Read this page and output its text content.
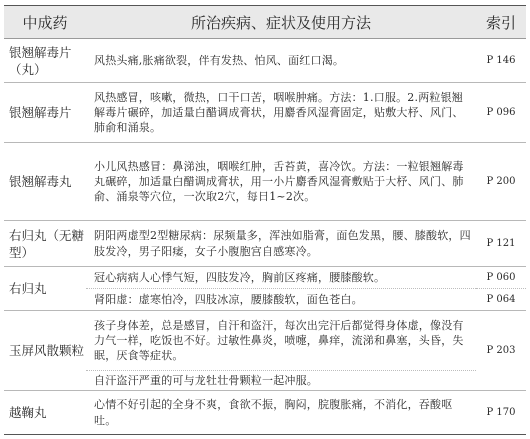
中成药	所治疾病、症状及使用方法	索引

银翘解毒片（丸）	风热头痛,胀痛欲裂，伴有发热、怕风、面红口渴。	P 146
银翘解毒片	风热感冒，咳嗽，微热，口干口苦，咽喉肿痛。方法：1.口服。2.两粒银翘解毒片碾碎，加适量白醋调成膏状，用麝香风湿膏固定，贴敷大杼、风门、肺俞和涌泉。	P 096
银翘解毒丸	小儿风热感冒：鼻涕浊，咽喉红肿，舌苔黄，喜冷饮。方法：一粒银翘解毒丸碾碎，加适量白醋调成膏状，用一小片麝香风湿膏敷贴于大杼、风门、肺俞、涌泉等穴位，一次取2穴，每日1~2次。	P 200
右归丸（无糖型）	阴阳两虚型2型糖尿病：尿频量多，浑浊如脂膏，面色发黑，腰、膝酸软，四肢发冷，男子阳痿，女子小腹胞宫自感寒冷。	P 121
右归丸	冠心病病人心悸气短，四肢发冷，胸前区疼痛，腰膝酸软。	P 060
	肾阳虚：虚寒怕冷，四肢冰凉，腰膝酸软，面色苍白。	P 064
玉屏风散颗粒	孩子身体差，总是感冒，自汗和盗汗，每次出完汗后都觉得身体虚，像没有力气一样，吃饭也不好。过敏性鼻炎，喷嚏，鼻痒，流涕和鼻塞，头昏，失眠，厌食等症状。	P 203
	自汗盗汗严重的可与龙牡壮骨颗粒一起冲服。	
越鞠丸	心情不好引起的全身不爽，食欲不振，胸闷，脘腹胀痛，不消化，吞酸呕吐。	P 170
